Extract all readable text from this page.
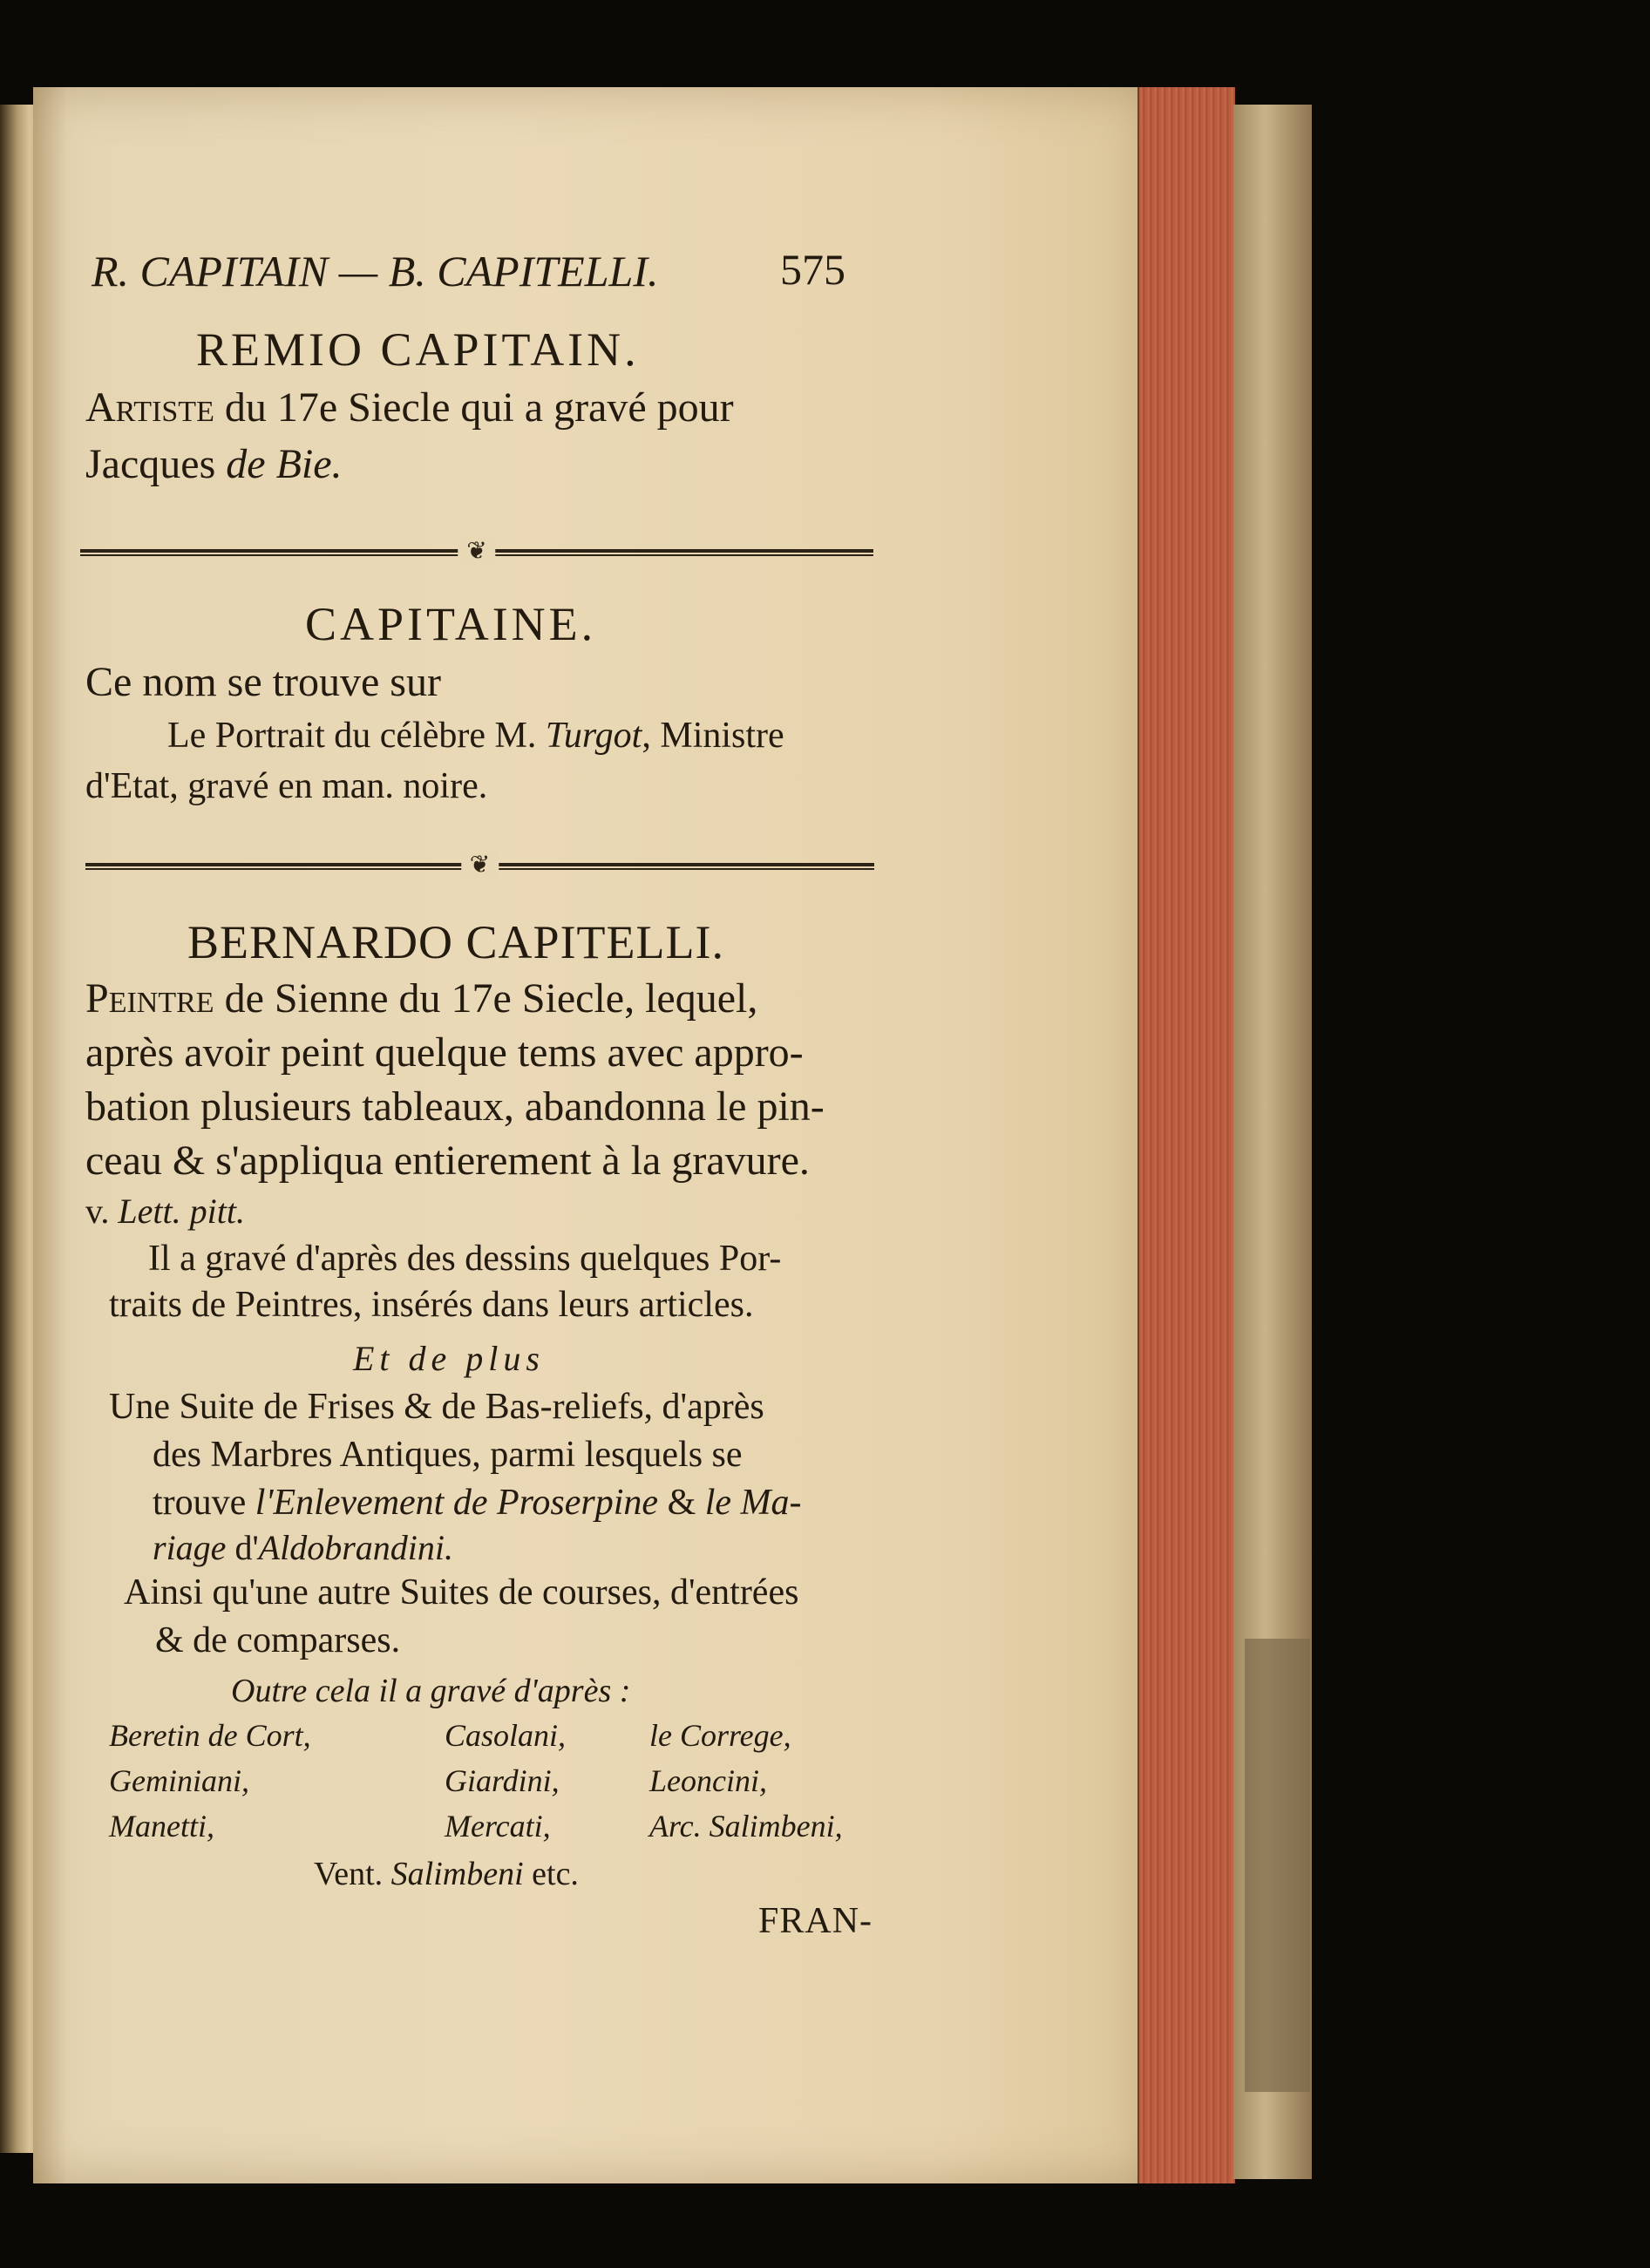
R. CAPITAIN — B. CAPITELLI.	575
REMIO CAPITAIN.
Artiste du 17e Siecle qui a gravé pour
Jacques de Bie.
❦
CAPITAINE.
Ce nom se trouve sur
Le Portrait du célèbre M. Turgot, Ministre
d'Etat, gravé en man. noire.
❦
BERNARDO CAPITELLI.
Peintre de Sienne du 17e Siecle, lequel,
après avoir peint quelque tems avec appro-
bation plusieurs tableaux, abandonna le pin-
ceau & s'appliqua entierement à la gravure.
v. Lett. pitt.
Il a gravé d'après des dessins quelques Por-
traits de Peintres, insérés dans leurs articles.
Et de plus
Une Suite de Frises & de Bas-reliefs, d'après
des Marbres Antiques, parmi lesquels se
trouve l'Enlevement de Proserpine & le Ma-
riage d'Aldobrandini.
Ainsi qu'une autre Suites de courses, d'entrées
& de comparses.
Outre cela il a gravé d'après :
Beretin de Cort,	Casolani,	le Correge,
Geminiani,	Giardini,	Leoncini,
Manetti,	Mercati,	Arc. Salimbeni,
Vent. Salimbeni etc.
FRAN-
